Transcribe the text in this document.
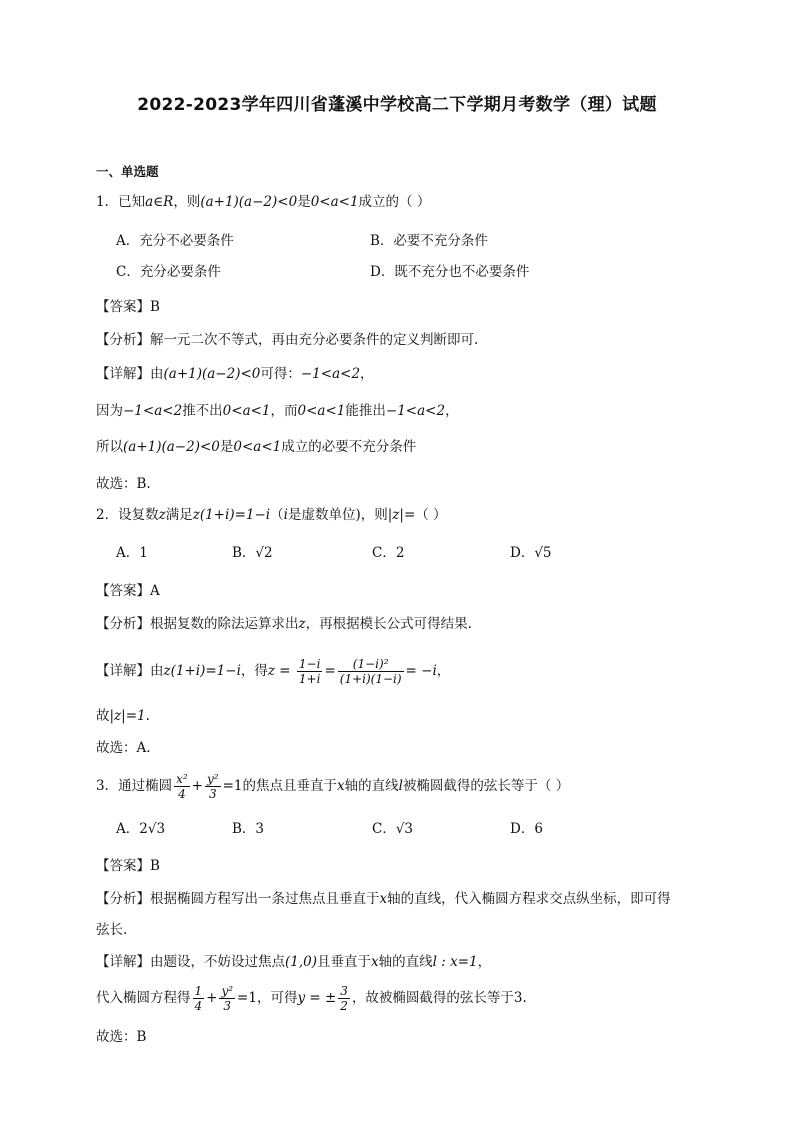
2022-2023学年四川省蓬溪中学校高二下学期月考数学（理）试题
一、单选题
1．已知a∈R，则(a+1)(a−2)<0是0<a<1成立的（ ）
A．充分不必要条件	B．必要不充分条件
C．充分必要条件	D．既不充分也不必要条件
【答案】B
【分析】解一元二次不等式，再由充分必要条件的定义判断即可.
【详解】由(a+1)(a−2)<0可得：−1<a<2，
因为−1<a<2推不出0<a<1，而0<a<1能推出−1<a<2，
所以(a+1)(a−2)<0是0<a<1成立的必要不充分条件
故选：B.
2．设复数z满足z(1+i)=1−i（i是虚数单位)，则|z|=（ ）
A．1	B．√2	C．2	D．√5
【答案】A
【分析】根据复数的除法运算求出z，再根据模长公式可得结果.
【详解】由z(1+i)=1−i，得$z = \frac{1-i}{1+i} = \frac{\text{(1−i)²}}{(1+i)(1-i)} = -i$，
故|z|=1.
故选：A.
3．通过椭圆 $\frac{\text{x²}}{4} + \frac{\text{y²}}{3} =1$的焦点且垂直于x轴的直线l被椭圆截得的弦长等于（ ）
A．2√3	B．3	C．√3	D．6
【答案】B
【分析】根据椭圆方程写出一条过焦点且垂直于x轴的直线，代入椭圆方程求交点纵坐标，即可得
弦长.
【详解】由题设，不妨设过焦点(1,0)且垂直于x轴的直线l : x=1，
代入椭圆方程得 $\frac{1}{4} + \frac{\text{y²}}{3} =1$，可得y = ± $\frac{3}{2}$ ，故被椭圆截得的弦长等于3.
故选：B
